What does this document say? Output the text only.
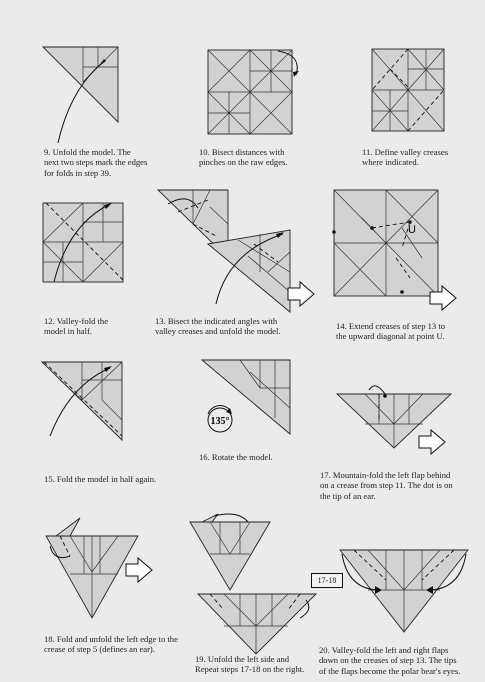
9. Unfold the model. The
next two steps mark the edges
for folds in step 39.
10. Bisect distances with
pinches on the raw edges.
11. Define valley creases
where indicated.
12. Valley-fold the
model in half.
13. Bisect the indicated angles with
valley creases and unfold the model.
U
14. Extend creases of step 13 to
the upward diagonal at point U.
15. Fold the model in half again.
135°
16. Rotate the model.
17. Mountain-fold the left flap behind
on a crease from step 11. The dot is on
the tip of an ear.
18. Fold and unfold the left edge to the
crease of step 5 (defines an ear).
17-18
19. Unfold the left side and
Repeat steps 17-18 on the right.
20. Valley-fold the left and right flaps
down on the creases of step 13. The tips
of the flaps become the polar bear's eyes.
